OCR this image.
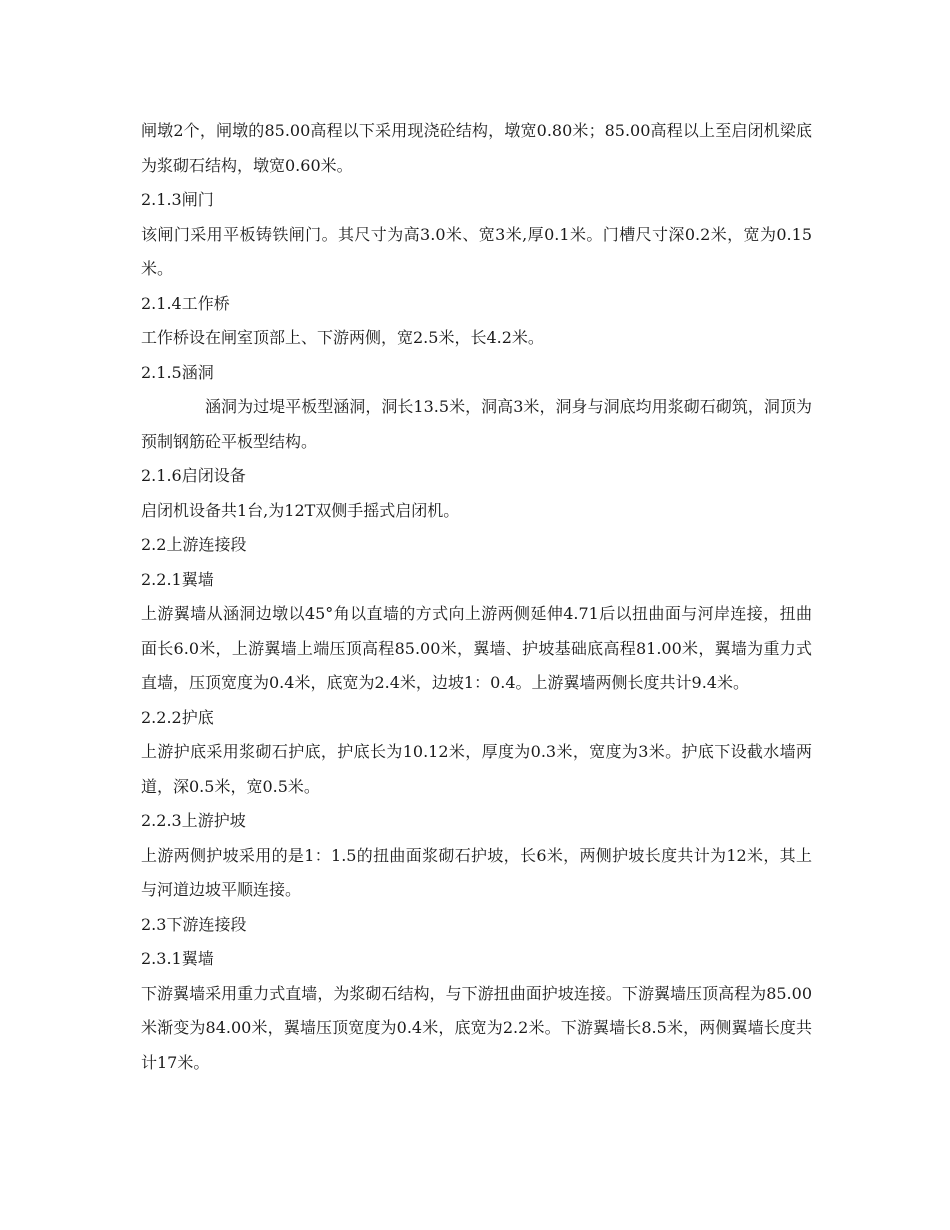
闸墩2个，闸墩的85.00高程以下采用现浇砼结构，墩宽0.80米；85.00高程以上至启闭机梁底为浆砌石结构，墩宽0.60米。

2.1.3闸门

该闸门采用平板铸铁闸门。其尺寸为高3.0米、宽3米,厚0.1米。门槽尺寸深0.2米，宽为0.15米。

2.1.4工作桥

工作桥设在闸室顶部上、下游两侧，宽2.5米，长4.2米。

2.1.5涵洞

涵洞为过堤平板型涵洞，洞长13.5米，洞高3米，洞身与洞底均用浆砌石砌筑，洞顶为预制钢筋砼平板型结构。

2.1.6启闭设备

启闭机设备共1台,为12T双侧手摇式启闭机。

2.2上游连接段

2.2.1翼墙

上游翼墙从涵洞边墩以45°角以直墙的方式向上游两侧延伸4.71后以扭曲面与河岸连接，扭曲面长6.0米，上游翼墙上端压顶高程85.00米，翼墙、护坡基础底高程81.00米，翼墙为重力式直墙，压顶宽度为0.4米，底宽为2.4米，边坡1：0.4。上游翼墙两侧长度共计9.4米。

2.2.2护底

上游护底采用浆砌石护底，护底长为10.12米，厚度为0.3米，宽度为3米。护底下设截水墙两道，深0.5米，宽0.5米。

2.2.3上游护坡

上游两侧护坡采用的是1：1.5的扭曲面浆砌石护坡，长6米，两侧护坡长度共计为12米，其上与河道边坡平顺连接。

2.3下游连接段

2.3.1翼墙

下游翼墙采用重力式直墙，为浆砌石结构，与下游扭曲面护坡连接。下游翼墙压顶高程为85.00米渐变为84.00米，翼墙压顶宽度为0.4米，底宽为2.2米。下游翼墙长8.5米，两侧翼墙长度共计17米。
